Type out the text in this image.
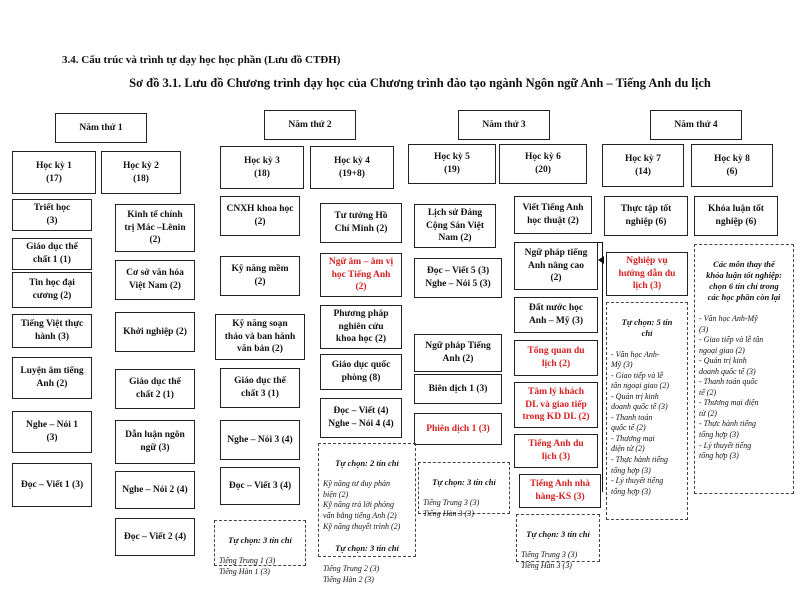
3.4. Cấu trúc và trình tự dạy học học phần (Lưu đồ CTĐH)
Sơ đồ 3.1. Lưu đồ Chương trình dạy học của Chương trình đào tạo ngành Ngôn ngữ Anh – Tiếng Anh du lịch
Năm thứ 1	Năm thứ 2	Năm thứ 3	Năm thứ 4
Học kỳ 1
(17)
Học kỳ 2
(18)
Học kỳ 3
(18)
Học kỳ 4
(19+8)
Học kỳ 5
(19)
Học kỳ 6
(20)
Học kỳ 7
(14)
Học kỳ 8
(6)
Triết học
(3)
Giáo dục thể
chất 1 (1)
Tin học đại
cương (2)
Tiếng Việt thực
hành (3)
Luyện âm tiếng
Anh (2)
Nghe – Nói 1
(3)
Đọc – Viết 1 (3)
Kinh tế chính
trị Mác –Lênin
(2)
Cơ sở văn hóa
Việt Nam (2)
Khởi nghiệp (2)
Giáo dục thể
chất 2 (1)
Dẫn luận ngôn
ngữ (3)
Nghe – Nói 2 (4)
Đọc – Viết 2 (4)
CNXH khoa học
(2)
Kỹ năng mềm
(2)
Kỹ năng soạn
thảo và ban hành
văn bản (2)
Giáo dục thể
chất 3 (1)
Nghe – Nói 3 (4)
Đọc – Viết 3 (4)
Tư tưởng Hồ
Chí Minh (2)
Ngữ âm – âm vị
học Tiếng Anh
(2)
Phương pháp
nghiên cứu
khoa học (2)
Giáo dục quốc
phòng (8)
Đọc – Viết (4)
Nghe – Nói 4 (4)
Lịch sử Đảng
Cộng Sản Việt
Nam (2)
Đọc – Viết 5 (3)
Nghe – Nói 5 (3)
Ngữ pháp Tiếng
Anh (2)
Biên dịch 1 (3)
Phiên dịch 1 (3)
Viết Tiếng Anh
học thuật (2)
Ngữ pháp tiếng
Anh nâng cao
(2)
Đất nước học
Anh – Mỹ (3)
Tổng quan du
lịch (2)
Tâm lý khách
DL và giao tiếp
trong KD DL (2)
Tiếng Anh du
lịch (3)
Tiếng Anh nhà
hàng-KS (3)
Thực tập tốt
nghiệp (6)
Nghiệp vụ
hướng dẫn du
lịch (3)
Khóa luận tốt
nghiệp (6)

Tự chọn: 3 tín chỉ

Tiếng Trung 1 (3)
Tiếng Hàn 1 (3)

Tự chọn: 2 tín chỉ

Kỹ năng tư duy phản
biện (2)
Kỹ năng trả lời phỏng
vấn bằng tiếng Anh (2)
Kỹ năng thuyết trình (2)

Tự chọn: 3 tín chỉ

Tiếng Trung 2 (3)
Tiếng Hàn 2 (3)

Tự chọn: 3 tín chỉ

Tiếng Trung 3 (3)
Tiếng Hàn 3 (3)

Tự chọn: 3 tín chỉ

Tiếng Trung 3 (3)
Tiếng Hàn 3 (3)

Tự chọn: 5 tín
chỉ

- Văn học Anh-
Mỹ (3)
- Giao tiếp và lễ
tân ngoại giao (2)
- Quản trị kinh
doanh quốc tế (3)
- Thanh toán
quốc tế (2)
- Thương mại
điện tử (2)
- Thực hành tiếng
tổng hợp (3)
- Lý thuyết tiếng
tổng hợp (3)

Các môn thay thế
khóa luận tốt nghiệp:
chọn 6 tín chỉ trong
các học phần còn lại

- Văn học Anh-Mỹ
(3)
- Giao tiếp và lễ tân
ngoại giao (2)
- Quản trị kinh
doanh quốc tế (3)
- Thanh toán quốc
tế (2)
- Thương mại điện
tử (2)
- Thực hành tiếng
tổng hợp (3)
- Lý thuyết tiếng
tổng hợp (3)
